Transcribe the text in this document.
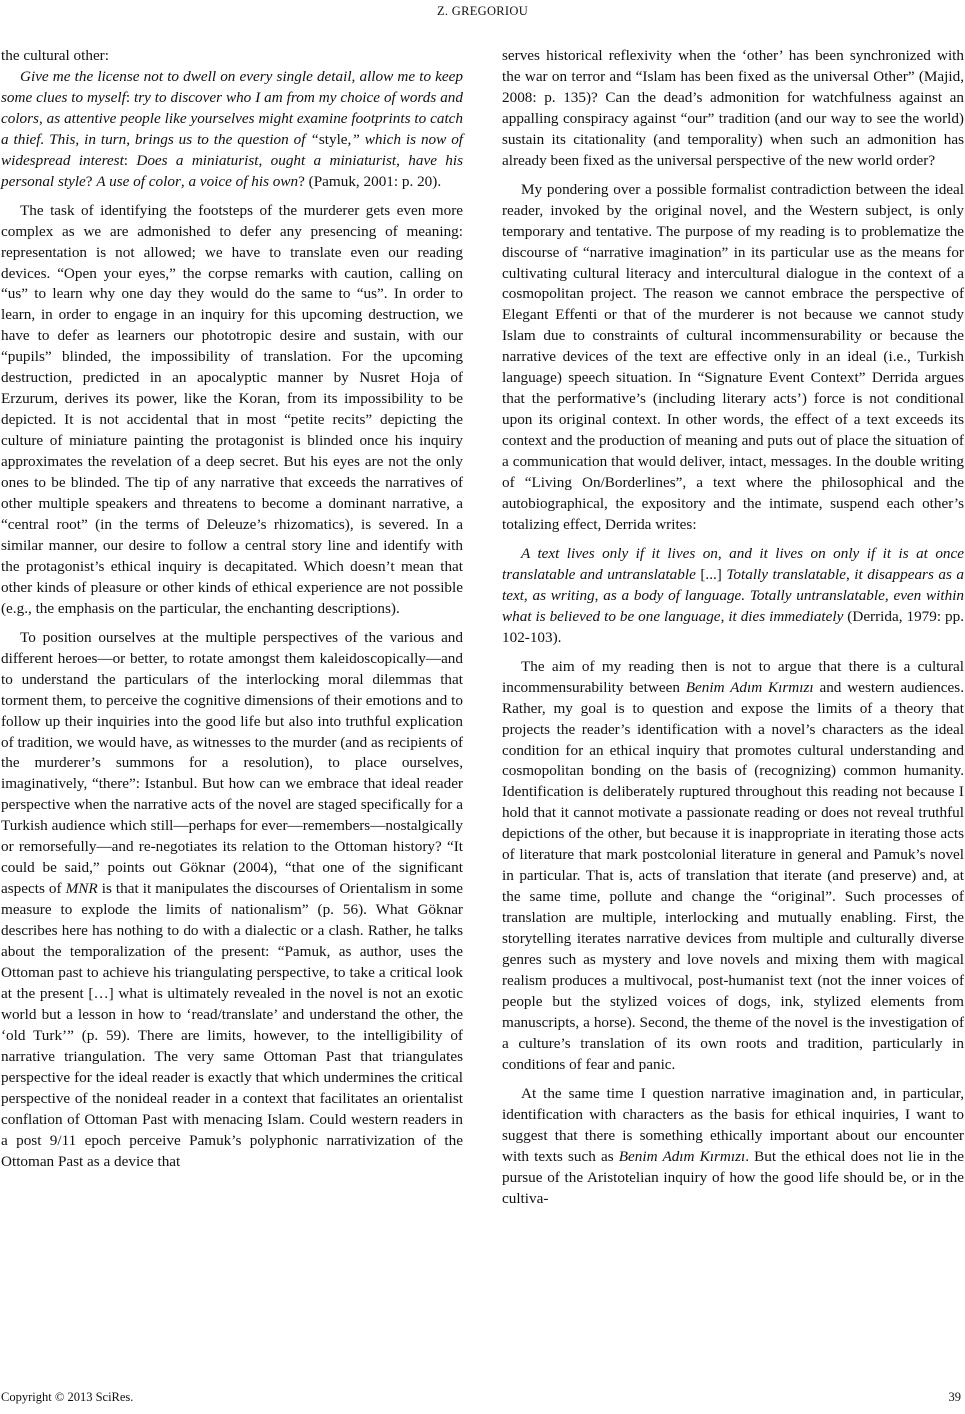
Z. GREGORIOU

the cultural other:

Give me the license not to dwell on every single detail, allow me to keep some clues to myself: try to discover who I am from my choice of words and colors, as attentive people like yourselves might examine footprints to catch a thief. This, in turn, brings us to the question of “style,” which is now of widespread interest: Does a miniaturist, ought a miniaturist, have his personal style? A use of color, a voice of his own? (Pamuk, 2001: p. 20).

The task of identifying the footsteps of the murderer gets even more complex as we are admonished to defer any presencing of meaning: representation is not allowed; we have to translate even our reading devices. “Open your eyes,” the corpse remarks with caution, calling on “us” to learn why one day they would do the same to “us”. In order to learn, in order to engage in an inquiry for this upcoming destruction, we have to defer as learners our phototropic desire and sustain, with our “pupils” blinded, the impossibility of translation. For the upcoming destruction, predicted in an apocalyptic manner by Nusret Hoja of Erzurum, derives its power, like the Koran, from its impossibility to be depicted. It is not accidental that in most “petite recits” depicting the culture of miniature painting the protagonist is blinded once his inquiry approximates the revelation of a deep secret. But his eyes are not the only ones to be blinded. The tip of any narrative that exceeds the narratives of other multiple speakers and threatens to become a dominant narrative, a “central root” (in the terms of Deleuze’s rhizomatics), is severed. In a similar manner, our desire to follow a central story line and identify with the protagonist’s ethical inquiry is decapitated. Which doesn’t mean that other kinds of pleasure or other kinds of ethical experience are not possible (e.g., the emphasis on the particular, the enchanting descriptions).

To position ourselves at the multiple perspectives of the various and different heroes—or better, to rotate amongst them kaleidoscopically—and to understand the particulars of the interlocking moral dilemmas that torment them, to perceive the cognitive dimensions of their emotions and to follow up their inquiries into the good life but also into truthful explication of tradition, we would have, as witnesses to the murder (and as recipients of the murderer’s summons for a resolution), to place ourselves, imaginatively, “there”: Istanbul. But how can we embrace that ideal reader perspective when the narrative acts of the novel are staged specifically for a Turkish audience which still—perhaps for ever—remembers—nostalgically or remorsefully—and re-negotiates its relation to the Ottoman history? “It could be said,” points out Göknar (2004), “that one of the significant aspects of MNR is that it manipulates the discourses of Orientalism in some measure to explode the limits of nationalism” (p. 56). What Göknar describes here has nothing to do with a dialectic or a clash. Rather, he talks about the temporalization of the present: “Pamuk, as author, uses the Ottoman past to achieve his triangulating perspective, to take a critical look at the present […] what is ultimately revealed in the novel is not an exotic world but a lesson in how to ‘read/translate’ and understand the other, the ‘old Turk’” (p. 59). There are limits, however, to the intelligibility of narrative triangulation. The very same Ottoman Past that triangulates perspective for the ideal reader is exactly that which undermines the critical perspective of the nonideal reader in a context that facilitates an orientalist conflation of Ottoman Past with menacing Islam. Could western readers in a post 9/11 epoch perceive Pamuk’s polyphonic narrativization of the Ottoman Past as a device that

serves historical reflexivity when the ‘other’ has been synchronized with the war on terror and “Islam has been fixed as the universal Other” (Majid, 2008: p. 135)? Can the dead’s admonition for watchfulness against an appalling conspiracy against “our” tradition (and our way to see the world) sustain its citationality (and temporality) when such an admonition has already been fixed as the universal perspective of the new world order?

My pondering over a possible formalist contradiction between the ideal reader, invoked by the original novel, and the Western subject, is only temporary and tentative. The purpose of my reading is to problematize the discourse of “narrative imagination” in its particular use as the means for cultivating cultural literacy and intercultural dialogue in the context of a cosmopolitan project. The reason we cannot embrace the perspective of Elegant Effenti or that of the murderer is not because we cannot study Islam due to constraints of cultural incommensurability or because the narrative devices of the text are effective only in an ideal (i.e., Turkish language) speech situation. In “Signature Event Context” Derrida argues that the performative’s (including literary acts’) force is not conditional upon its original context. In other words, the effect of a text exceeds its context and the production of meaning and puts out of place the situation of a communication that would deliver, intact, messages. In the double writing of “Living On/Borderlines”, a text where the philosophical and the autobiographical, the expository and the intimate, suspend each other’s totalizing effect, Derrida writes:

A text lives only if it lives on, and it lives on only if it is at once translatable and untranslatable [...] Totally translatable, it disappears as a text, as writing, as a body of language. Totally untranslatable, even within what is believed to be one language, it dies immediately (Derrida, 1979: pp. 102-103).

The aim of my reading then is not to argue that there is a cultural incommensurability between Benim Adım Kırmızı and western audiences. Rather, my goal is to question and expose the limits of a theory that projects the reader’s identification with a novel’s characters as the ideal condition for an ethical inquiry that promotes cultural understanding and cosmopolitan bonding on the basis of (recognizing) common humanity. Identification is deliberately ruptured throughout this reading not because I hold that it cannot motivate a passionate reading or does not reveal truthful depictions of the other, but because it is inappropriate in iterating those acts of literature that mark postcolonial literature in general and Pamuk’s novel in particular. That is, acts of translation that iterate (and preserve) and, at the same time, pollute and change the “original”. Such processes of translation are multiple, interlocking and mutually enabling. First, the storytelling iterates narrative devices from multiple and culturally diverse genres such as mystery and love novels and mixing them with magical realism produces a multivocal, post-humanist text (not the inner voices of people but the stylized voices of dogs, ink, stylized elements from manuscripts, a horse). Second, the theme of the novel is the investigation of a culture’s translation of its own roots and tradition, particularly in conditions of fear and panic.

At the same time I question narrative imagination and, in particular, identification with characters as the basis for ethical inquiries, I want to suggest that there is something ethically important about our encounter with texts such as Benim Adım Kırmızı. But the ethical does not lie in the pursue of the Aristotelian inquiry of how the good life should be, or in the cultiva-

Copyright © 2013 SciRes.	39
